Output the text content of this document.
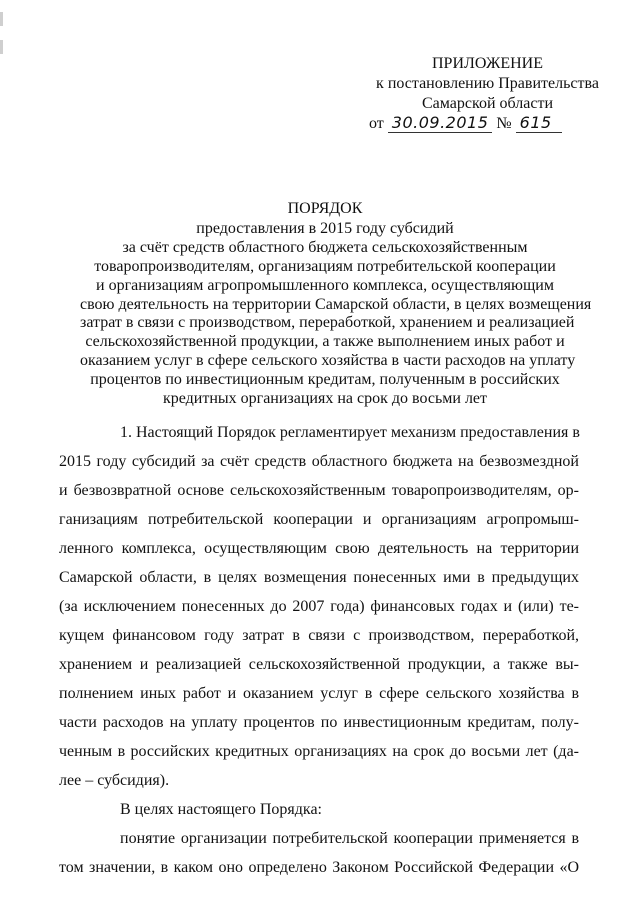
ПРИЛОЖЕНИЕ
к постановлению Правительства
Самарской области
от 30.09.2015 № 615
ПОРЯДОК
предоставления в 2015 году субсидий
за счёт средств областного бюджета сельскохозяйственным
товаропроизводителям, организациям потребительской кооперации
и организациям агропромышленного комплекса, осуществляющим
свою деятельность на территории Самарской области, в целях возмещения
затрат в связи с производством, переработкой, хранением и реализацией
сельскохозяйственной продукции, а также выполнением иных работ и
оказанием услуг в сфере сельского хозяйства в части расходов на уплату
процентов по инвестиционным кредитам, полученным в российских
кредитных организациях на срок до восьми лет
1. Настоящий Порядок регламентирует механизм предоставления в
2015 году субсидий за счёт средств областного бюджета на безвозмездной
и безвозвратной основе сельскохозяйственным товаропроизводителям, ор-
ганизациям потребительской кооперации и организациям агропромыш-
ленного комплекса, осуществляющим свою деятельность на территории
Самарской области, в целях возмещения понесенных ими в предыдущих
(за исключением понесенных до 2007 года) финансовых годах и (или) те-
кущем финансовом году затрат в связи с производством, переработкой,
хранением и реализацией сельскохозяйственной продукции, а также вы-
полнением иных работ и оказанием услуг в сфере сельского хозяйства в
части расходов на уплату процентов по инвестиционным кредитам, полу-
ченным в российских кредитных организациях на срок до восьми лет (да-
лее – субсидия).
В целях настоящего Порядка:
понятие организации потребительской кооперации применяется в
том значении, в каком оно определено Законом Российской Федерации «О
